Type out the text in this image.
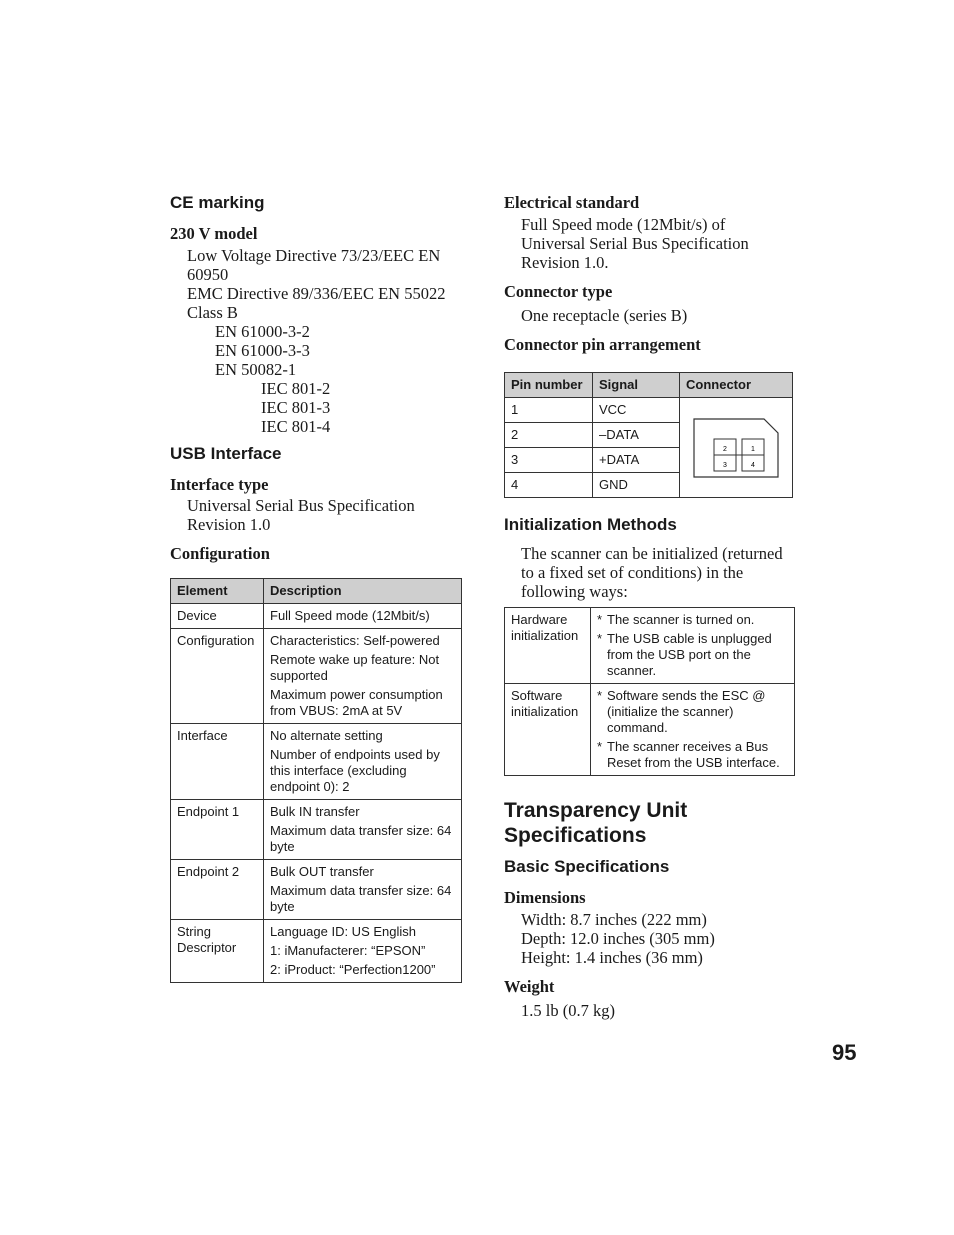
CE marking

230 V model

Low Voltage Directive 73/23/EEC EN

60950

EMC Directive 89/336/EEC EN 55022

Class B

EN 61000-3-2

EN 61000-3-3

EN 50082-1

IEC 801-2

IEC 801-3

IEC 801-4

USB Interface

Interface type

Universal Serial Bus Specification

Revision 1.0

Configuration

Element	Description
Device	Full Speed mode (12Mbit/s)

Configuration	Characteristics: Self-powered

Remote wake up feature: Not supported

Maximum power consumption from VBUS: 2mA at 5V

Interface	No alternate setting

Number of endpoints used by this interface (excluding endpoint 0): 2

Endpoint 1	Bulk IN transfer

Maximum data transfer size: 64 byte

Endpoint 2	Bulk OUT transfer

Maximum data transfer size: 64 byte

String Descriptor	Language ID: US English

1: iManufacterer: “EPSON”

2: iProduct: “Perfection1200”

Electrical standard

Full Speed mode (12Mbit/s) of

Universal Serial Bus Specification

Revision 1.0.

Connector type

One receptacle (series B)

Connector pin arrangement

Pin number	Signal	Connector
1	VCC	2 1
3 4

2	–DATA	
3	+DATA	
4	GND	

Initialization Methods

The scanner can be initialized (returned

to a fixed set of conditions) in the

following ways:

Hardware initialization	* The scanner is turned on.
* The USB cable is unplugged from the USB port on the scanner.

Software initialization	* Software sends the ESC @ (initialize the scanner) command.
* The scanner receives a Bus Reset from the USB interface.

Transparency Unit

Specifications

Basic Specifications

Dimensions

Width: 8.7 inches (222 mm)

Depth: 12.0 inches (305 mm)

Height: 1.4 inches (36 mm)

Weight

1.5 lb (0.7 kg)

95
